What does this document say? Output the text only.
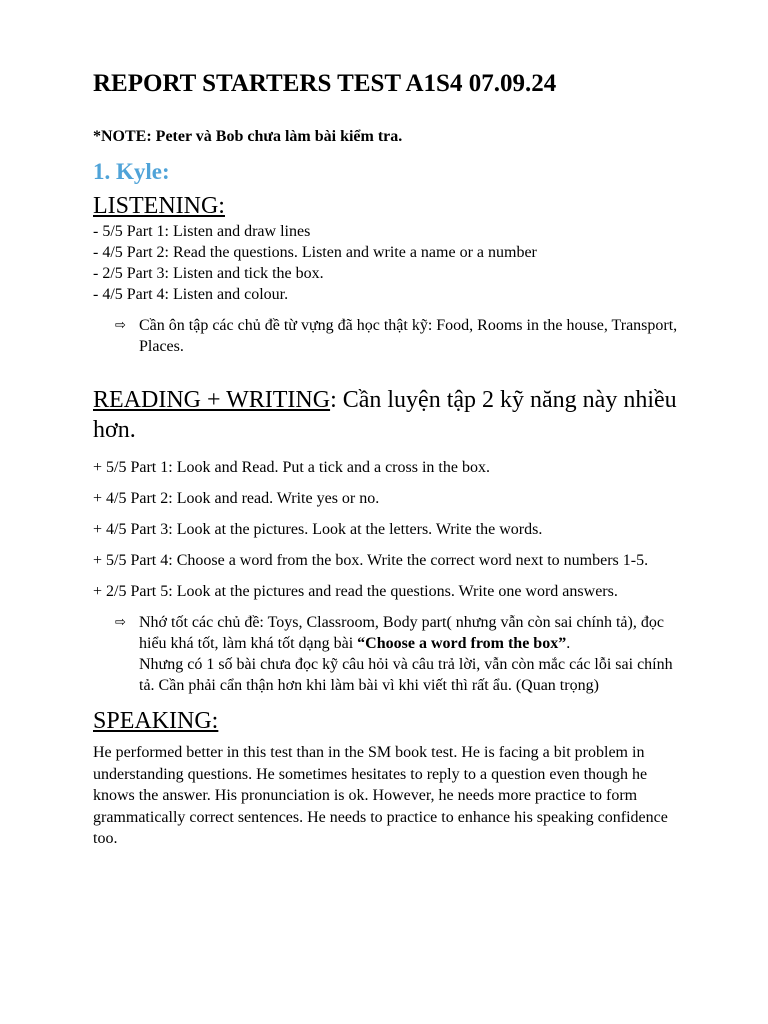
REPORT STARTERS TEST A1S4 07.09.24
*NOTE: Peter và Bob chưa làm bài kiểm tra.
1. Kyle:
LISTENING:
- 5/5 Part 1: Listen and draw lines
- 4/5 Part 2: Read the questions. Listen and write a name or a number
- 2/5 Part 3: Listen and tick the box.
- 4/5 Part 4: Listen and colour.
⇨ Cần ôn tập các chủ đề từ vựng đã học thật kỹ: Food, Rooms in the house, Transport, Places.
READING + WRITING: Cần luyện tập 2 kỹ năng này nhiều hơn.
+ 5/5 Part 1: Look and Read. Put a tick and a cross in the box.
+ 4/5 Part 2: Look and read. Write yes or no.
+ 4/5 Part 3: Look at the pictures. Look at the letters. Write the words.
+ 5/5 Part 4: Choose a word from the box. Write the correct word next to numbers 1-5.
+ 2/5 Part 5: Look at the pictures and read the questions. Write one word answers.
⇨ Nhớ tốt các chủ đề: Toys, Classroom, Body part( nhưng vẫn còn sai chính tả), đọc hiểu khá tốt, làm khá tốt dạng bài “Choose a word from the box”.
Nhưng có 1 số bài chưa đọc kỹ câu hỏi và câu trả lời, vẫn còn mắc các lỗi sai chính tả. Cần phải cẩn thận hơn khi làm bài vì khi viết thì rất ẩu. (Quan trọng)
SPEAKING:
He performed better in this test than in the SM book test. He is facing a bit problem in understanding questions. He sometimes hesitates to reply to a question even though he knows the answer. His pronunciation is ok. However, he needs more practice to form grammatically correct sentences. He needs to practice to enhance his speaking confidence too.
